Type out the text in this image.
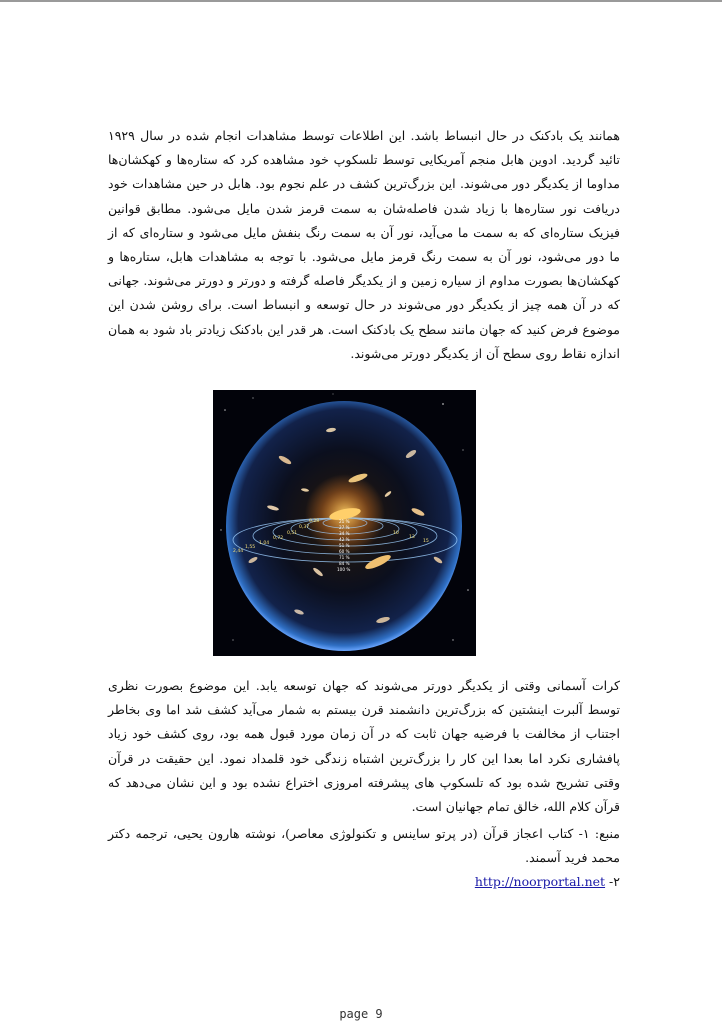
همانند یک بادکنک در حال انبساط باشد. این اطلاعات توسط مشاهدات انجام شده در سال ۱۹۲۹ تائید گردید. ادوین هابل منجم آمریکایی توسط تلسکوپ خود مشاهده کرد که ستاره‌ها و کهکشان‌ها مداوما از یکدیگر دور می‌شوند. این بزرگ‌ترین کشف در علم نجوم بود. هابل در حین مشاهدات خود دریافت نور ستاره‌ها با زیاد شدن فاصله‌شان به سمت قرمز شدن مایل می‌شود. مطابق قوانین فیزیک ستاره‌ای که به سمت ما می‌آید، نور آن به سمت رنگ بنفش مایل می‌شود و ستاره‌ای که از ما دور می‌شود، نور آن به سمت رنگ قرمز مایل می‌شود. با توجه به مشاهدات هابل، ستاره‌ها و کهکشان‌ها بصورت مداوم از سیاره زمین و از یکدیگر فاصله گرفته و دورتر و دورتر می‌شوند. جهانی که در آن همه چیز از یکدیگر دور می‌شوند در حال توسعه و انبساط است. برای روشن شدن این موضوع فرض کنید که جهان مانند سطح یک بادکنک است. هر قدر این بادکنک زیادتر باد شود به همان اندازه نقاط روی سطح آن از یکدیگر دورتر می‌شوند.
0,28
0,37
0,51
0,72
1,04
1,55
2,44
21 %
27 %
34 %
42 %
51 %
60 %
71 %
84 %
100 %
13
15
10
کرات آسمانی وقتی از یکدیگر دورتر می‌شوند که جهان توسعه یابد. این موضوع بصورت نظری توسط آلبرت اینشتین که بزرگ‌ترین دانشمند قرن بیستم به شمار می‌آید کشف شد اما وی بخاطر اجتناب از مخالفت با فرضیه جهان ثابت که در آن زمان مورد قبول همه بود، روی کشف خود زیاد پافشاری نکرد اما بعدا این کار را بزرگ‌ترین اشتباه زندگی خود قلمداد نمود. این حقیقت در قرآن وقتی تشریح شده بود که تلسکوپ های پیشرفته امروزی اختراع نشده بود و این نشان می‌دهد که قرآن کلام الله، خالق تمام جهانیان است.
منبع: ۱- کتاب اعجاز قرآن (در پرتو ساینس و تکنولوژی معاصر)، نوشته هارون یحیی، ترجمه دکتر محمد فرید آسمند.
۲- http://noorportal.net
page 9
